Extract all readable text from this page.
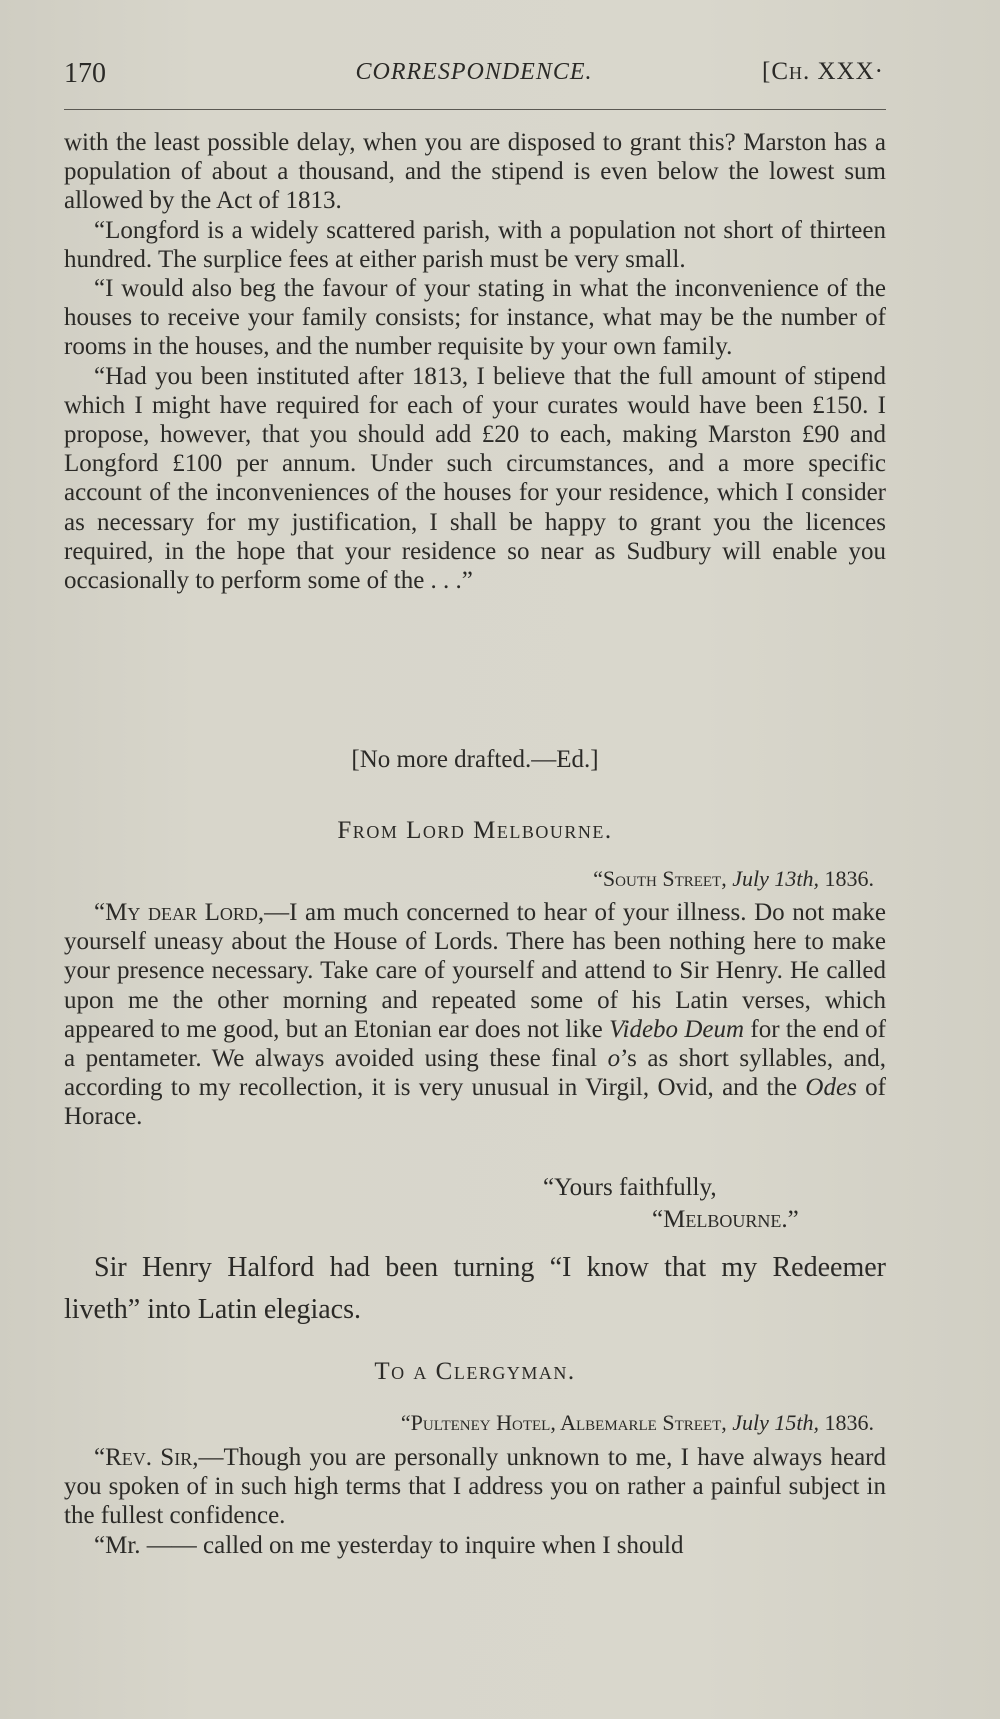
170	CORRESPONDENCE.	[Ch. XXX·

with the least possible delay, when you are disposed to grant this? Marston has a population of about a thousand, and the stipend is even below the lowest sum allowed by the Act of 1813.

“Longford is a widely scattered parish, with a population not short of thirteen hundred. The surplice fees at either parish must be very small.

“I would also beg the favour of your stating in what the inconvenience of the houses to receive your family consists; for instance, what may be the number of rooms in the houses, and the number requisite by your own family.

“Had you been instituted after 1813, I believe that the full amount of stipend which I might have required for each of your curates would have been £150. I propose, however, that you should add £20 to each, making Marston £90 and Longford £100 per annum. Under such circumstances, and a more specific account of the inconveniences of the houses for your residence, which I consider as necessary for my justification, I shall be happy to grant you the licences required, in the hope that your residence so near as Sudbury will enable you occasionally to perform some of the . . .”

[No more drafted.—Ed.]
From Lord Melbourne.
“South Street, July 13th, 1836.

“My dear Lord,—I am much concerned to hear of your illness. Do not make yourself uneasy about the House of Lords. There has been nothing here to make your presence necessary. Take care of yourself and attend to Sir Henry. He called upon me the other morning and repeated some of his Latin verses, which appeared to me good, but an Etonian ear does not like Videbo Deum for the end of a pentameter. We always avoided using these final o’s as short syllables, and, according to my recollection, it is very unusual in Virgil, Ovid, and the Odes of Horace.

“Yours faithfully,
“Melbourne.”

Sir Henry Halford had been turning “I know that my Redeemer liveth” into Latin elegiacs.

To a Clergyman.
“Pulteney Hotel, Albemarle Street, July 15th, 1836.

“Rev. Sir,—Though you are personally unknown to me, I have always heard you spoken of in such high terms that I address you on rather a painful subject in the fullest confidence.

“Mr. —— called on me yesterday to inquire when I should
